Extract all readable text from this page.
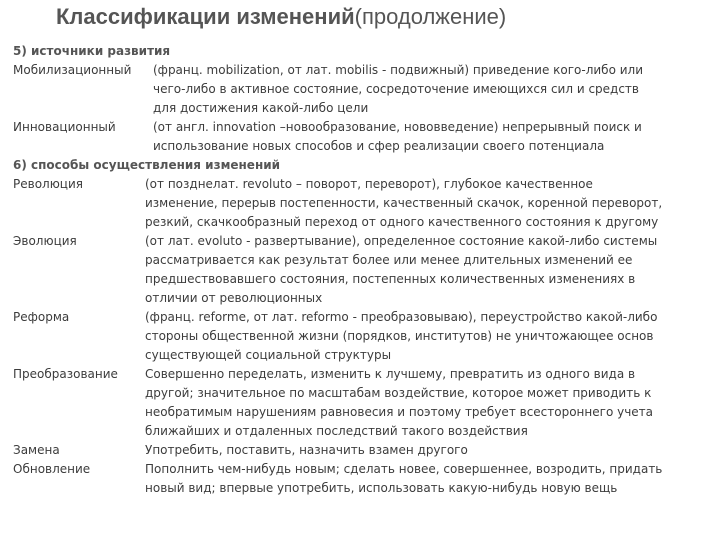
Классификации изменений(продолжение)
5) источники развития
Мобилизационный	(франц. mobilization, от лат. mobilis - подвижный) приведение кого-либо или
чего-либо в активное состояние, сосредоточение имеющихся сил и средств
для достижения какой-либо цели
Инновационный	(от англ. innovation –новообразование, нововведение) непрерывный поиск и
использование новых способов и сфер реализации своего потенциала
6) способы осуществления изменений
Революция	(от позднелат. revoluto – поворот, переворот), глубокое качественное
изменение, перерыв постепенности, качественный скачок, коренной переворот,
резкий, скачкообразный переход от одного качественного состояния к другому
Эволюция	(от лат. evoluto - развертывание), определенное состояние какой-либо системы
рассматривается как результат более или менее длительных изменений ее
предшествовавшего состояния, постепенных количественных изменениях в
отличии от революционных
Реформа	(франц. reforme, от лат. reformo - преобразовываю), переустройство какой-либо
стороны общественной жизни (порядков, институтов) не уничтожающее основ
существующей социальной структуры
Преобразование	Совершенно переделать, изменить к лучшему, превратить из одного вида в
другой; значительное по масштабам воздействие, которое может приводить к
необратимым нарушениям равновесия и поэтому требует всестороннего учета
ближайших и отдаленных последствий такого воздействия
Замена	Употребить, поставить, назначить взамен другого
Обновление	Пополнить чем-нибудь новым; сделать новее, совершеннее, возродить, придать
новый вид; впервые употребить, использовать какую-нибудь новую вещь
